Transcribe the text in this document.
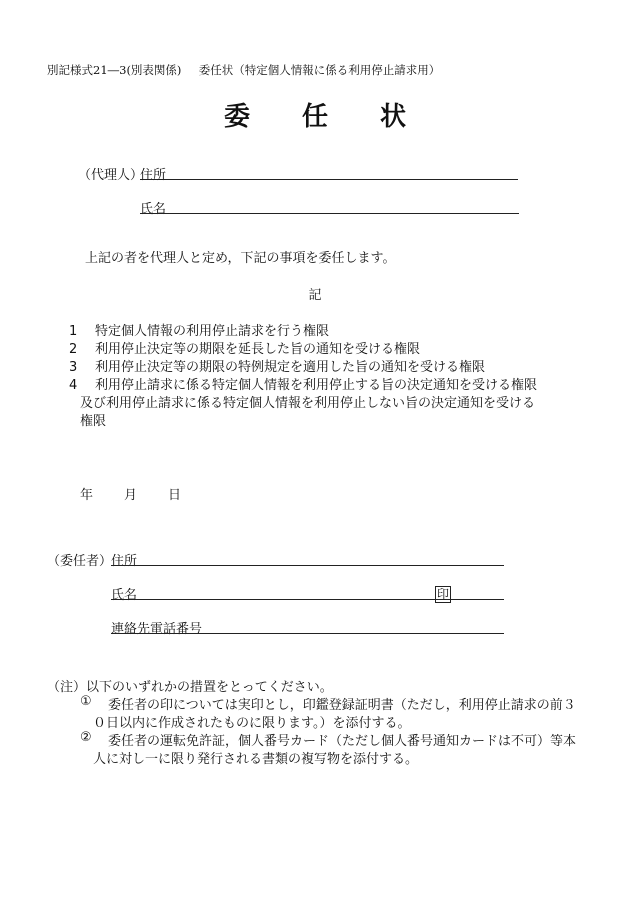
別記様式21―3(別表関係) 委任状（特定個人情報に係る利用停止請求用）
委任状
（代理人）
住所
氏名
上記の者を代理人と定め，下記の事項を委任します。
記
1 特定個人情報の利用停止請求を行う権限
2 利用停止決定等の期限を延長した旨の通知を受ける権限
3 利用停止決定等の期限の特例規定を適用した旨の通知を受ける権限
4 利用停止請求に係る特定個人情報を利用停止する旨の決定通知を受ける権限
及び利用停止請求に係る特定個人情報を利用停止しない旨の決定通知を受ける
権限
年 月 日
（委任者）
住所
氏名	印
連絡先電話番号
（注）以下のいずれかの措置をとってください。
① 委任者の印については実印とし，印鑑登録証明書（ただし，利用停止請求の前３
０日以内に作成されたものに限ります。）を添付する。
② 委任者の運転免許証，個人番号カード（ただし個人番号通知カードは不可）等本
人に対し一に限り発行される書類の複写物を添付する。
